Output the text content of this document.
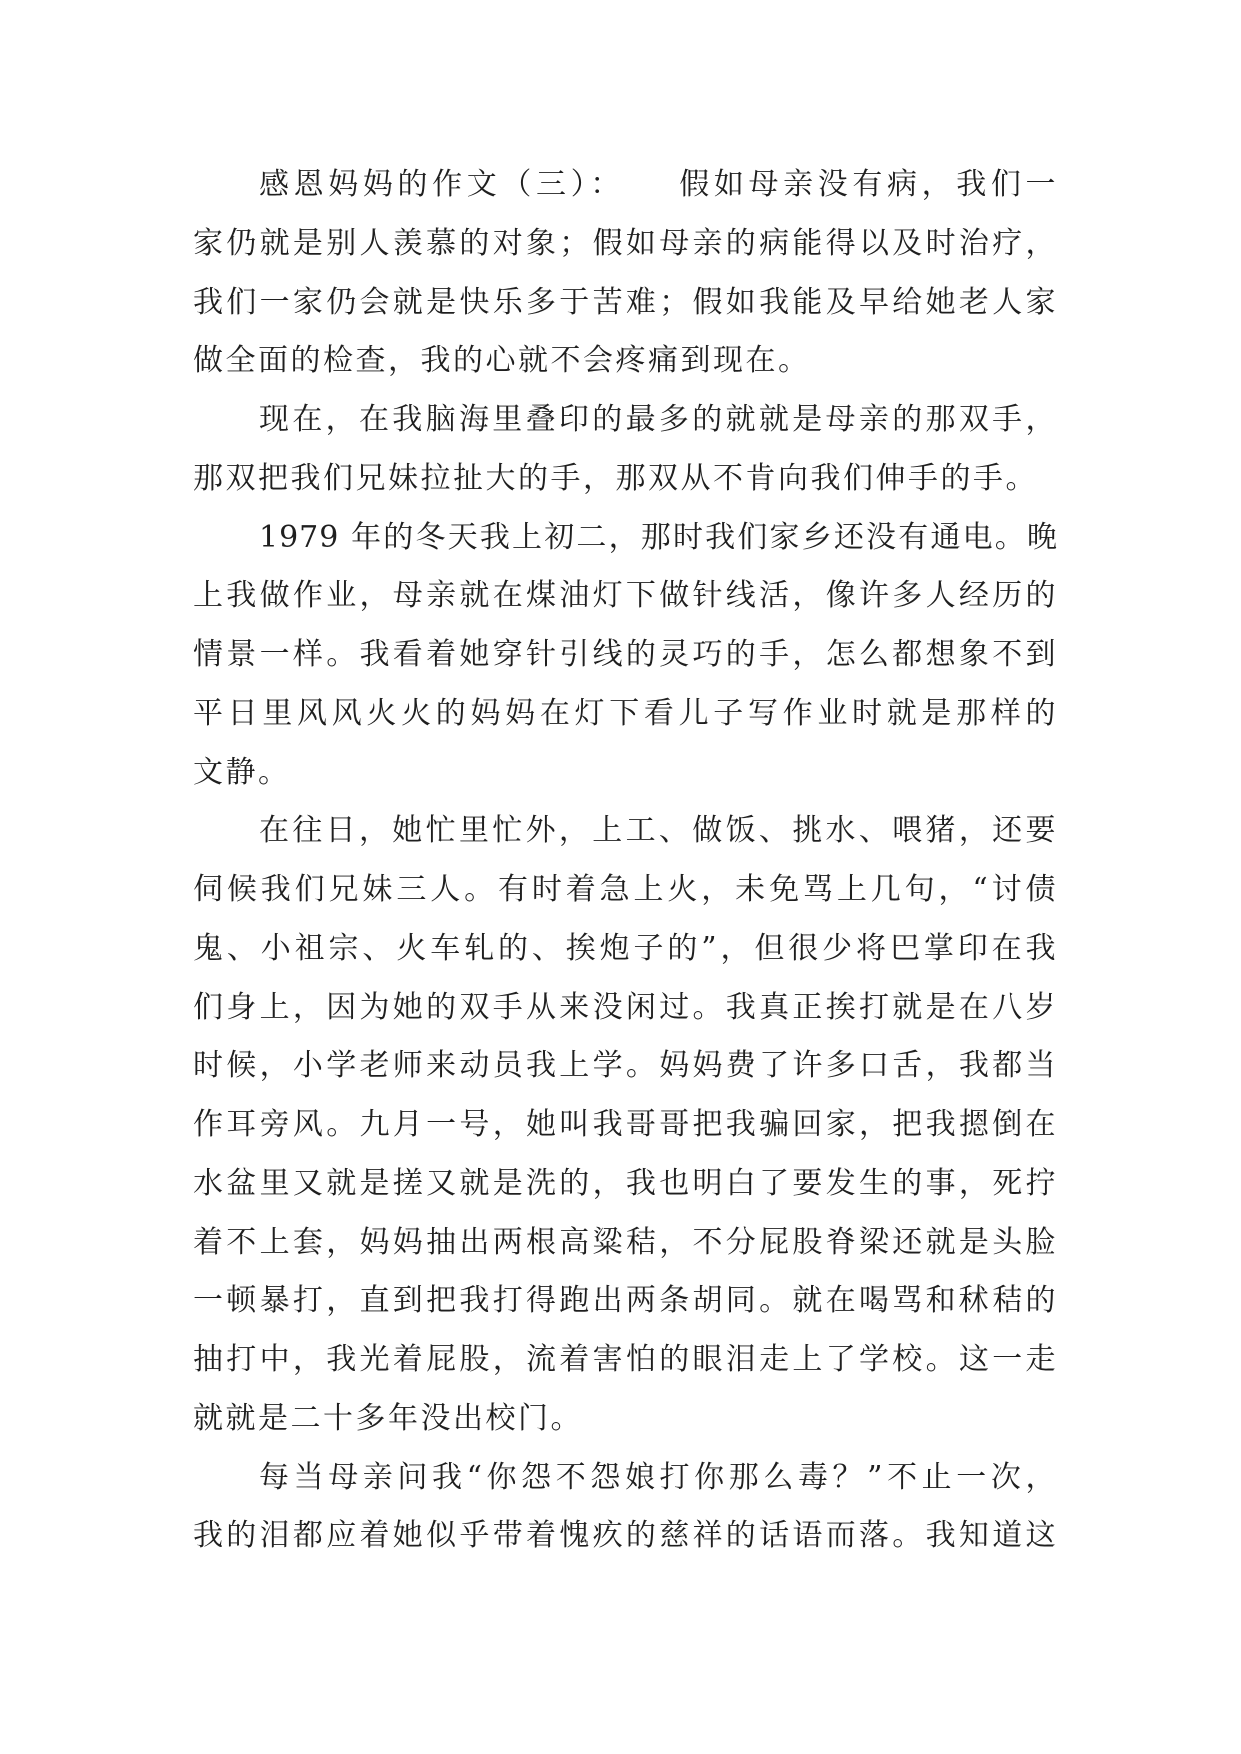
感恩妈妈的作文（三）：　　假如母亲没有病，我们一
家仍就是别人羡慕的对象；假如母亲的病能得以及时治疗，
我们一家仍会就是快乐多于苦难；假如我能及早给她老人家
做全面的检查，我的心就不会疼痛到现在。
现在，在我脑海里叠印的最多的就就是母亲的那双手，
那双把我们兄妹拉扯大的手，那双从不肯向我们伸手的手。
1979 年的冬天我上初二，那时我们家乡还没有通电。晚
上我做作业，母亲就在煤油灯下做针线活，像许多人经历的
情景一样。我看着她穿针引线的灵巧的手，怎么都想象不到
平日里风风火火的妈妈在灯下看儿子写作业时就是那样的
文静。
在往日，她忙里忙外，上工、做饭、挑水、喂猪，还要
伺候我们兄妹三人。有时着急上火，未免骂上几句，“讨债
鬼、小祖宗、火车轧的、挨炮子的”，但很少将巴掌印在我
们身上，因为她的双手从来没闲过。我真正挨打就是在八岁
时候，小学老师来动员我上学。妈妈费了许多口舌，我都当
作耳旁风。九月一号，她叫我哥哥把我骗回家，把我摁倒在
水盆里又就是搓又就是洗的，我也明白了要发生的事，死拧
着不上套，妈妈抽出两根高粱秸，不分屁股脊梁还就是头脸
一顿暴打，直到把我打得跑出两条胡同。就在喝骂和秫秸的
抽打中，我光着屁股，流着害怕的眼泪走上了学校。这一走
就就是二十多年没出校门。
每当母亲问我“你怨不怨娘打你那么毒？”不止一次，
我的泪都应着她似乎带着愧疚的慈祥的话语而落。我知道这
